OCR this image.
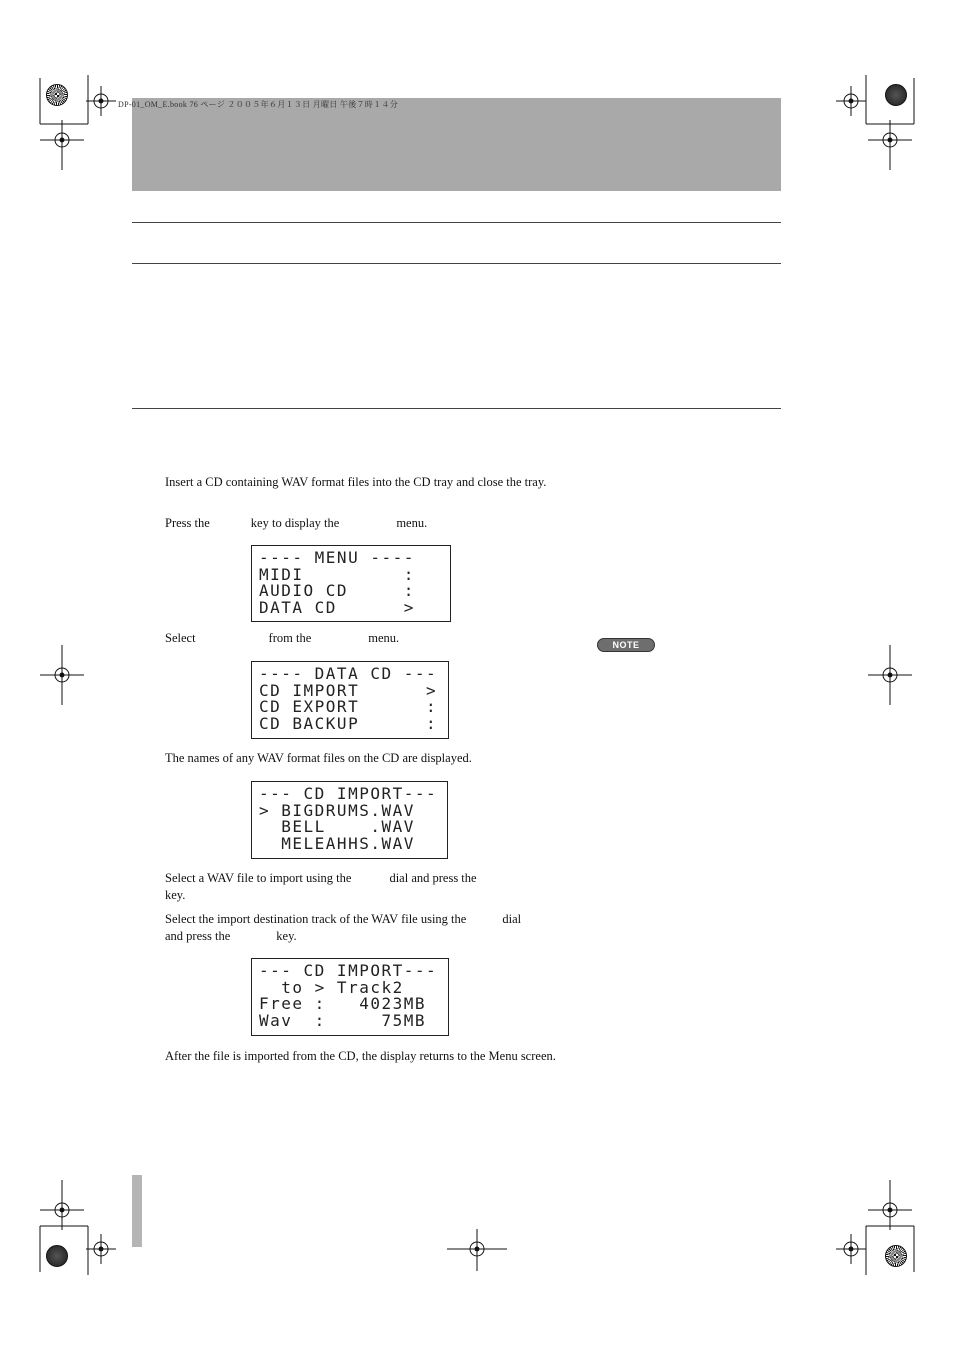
DP-01_OM_E.book 76 ページ ２００５年６月１３日 月曜日 午後７時１４分
Insert a CD containing WAV format files into the CD tray and close the tray.
Press the	key to display the	menu.
---- MENU ----
MIDI         :
AUDIO CD     :
DATA CD      >
Select	from the	menu.	NOTE
---- DATA CD ---
CD IMPORT      >
CD EXPORT      :
CD BACKUP      :
The names of any WAV format files on the CD are displayed.
--- CD IMPORT---
> BIGDRUMS.WAV
BELL    .WAV
MELEAHHS.WAV
Select a WAV file to import using the	dial and press the
key.
Select the import destination track of the WAV file using the	dial
and press the	key.
--- CD IMPORT---
to > Track2
Free :   4023MB
Wav  :     75MB
After the file is imported from the CD, the display returns to the Menu screen.
